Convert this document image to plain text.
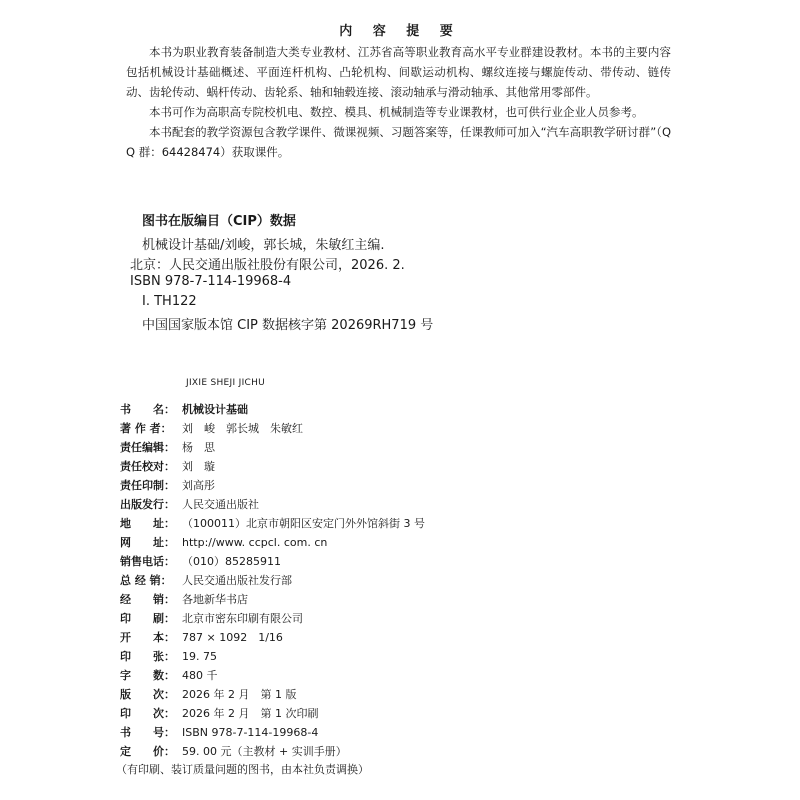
内 容 提 要
本书为职业教育装备制造大类专业教材、江苏省高等职业教育高水平专业群建设教材。本书的主要内容包括机械设计基础概述、平面连杆机构、凸轮机构、间歇运动机构、螺纹连接与螺旋传动、带传动、链传动、齿轮传动、蜗杆传动、齿轮系、轴和轴毂连接、滚动轴承与滑动轴承、其他常用零部件。
本书可作为高职高专院校机电、数控、模具、机械制造等专业课教材，也可供行业企业人员参考。
本书配套的教学资源包含教学课件、微课视频、习题答案等，任课教师可加入“汽车高职教学研讨群”（QQ 群：64428474）获取课件。
图书在版编目（CIP）数据
机械设计基础/刘峻，郭长城，朱敏红主编.
北京：人民交通出版社股份有限公司，2026. 2.
ISBN 978-7-114-19968-4
Ⅰ. TH122
中国国家版本馆 CIP 数据核字第 20269RH719 号
JIXIE SHEJI JICHU
书　　名： 机械设计基础
著 作 者： 刘　峻　郭长城　朱敏红
责任编辑： 杨　思
责任校对： 刘　璇
责任印制： 刘高彤
出版发行： 人民交通出版社
地　　址： （100011）北京市朝阳区安定门外外馆斜街 3 号
网　　址： http://www. ccpcl. com. cn
销售电话： （010）85285911
总 经 销： 人民交通出版社发行部
经　　销： 各地新华书店
印　　刷： 北京市密东印刷有限公司
开　　本： 787 × 1092　1/16
印　　张： 19. 75
字　　数： 480 千
版　　次： 2026 年 2 月　第 1 版
印　　次： 2026 年 2 月　第 1 次印刷
书　　号： ISBN 978-7-114-19968-4
定　　价： 59. 00 元（主教材 + 实训手册）
（有印刷、装订质量问题的图书，由本社负责调换）
